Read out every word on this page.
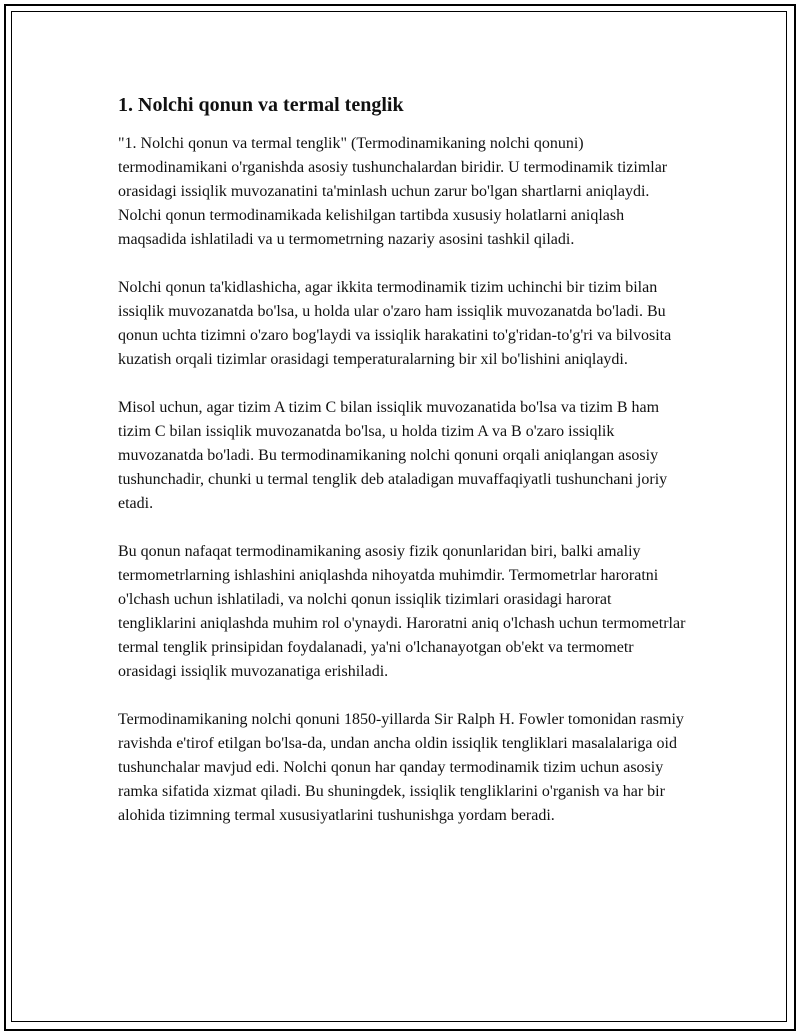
1. Nolchi qonun va termal tenglik

"1. Nolchi qonun va termal tenglik" (Termodinamikaning nolchi qonuni) termodinamikani o'rganishda asosiy tushunchalardan biridir. U termodinamik tizimlar orasidagi issiqlik muvozanatini ta'minlash uchun zarur bo'lgan shartlarni aniqlaydi. Nolchi qonun termodinamikada kelishilgan tartibda xususiy holatlarni aniqlash maqsadida ishlatiladi va u termometrning nazariy asosini tashkil qiladi.

Nolchi qonun ta'kidlashicha, agar ikkita termodinamik tizim uchinchi bir tizim bilan issiqlik muvozanatda bo'lsa, u holda ular o'zaro ham issiqlik muvozanatda bo'ladi. Bu qonun uchta tizimni o'zaro bog'laydi va issiqlik harakatini to'g'ridan-to'g'ri va bilvosita kuzatish orqali tizimlar orasidagi temperaturalarning bir xil bo'lishini aniqlaydi.

Misol uchun, agar tizim A tizim C bilan issiqlik muvozanatida bo'lsa va tizim B ham tizim C bilan issiqlik muvozanatda bo'lsa, u holda tizim A va B o'zaro issiqlik muvozanatda bo'ladi. Bu termodinamikaning nolchi qonuni orqali aniqlangan asosiy tushunchadir, chunki u termal tenglik deb ataladigan muvaffaqiyatli tushunchani joriy etadi.

Bu qonun nafaqat termodinamikaning asosiy fizik qonunlaridan biri, balki amaliy termometrlarning ishlashini aniqlashda nihoyatda muhimdir. Termometrlar haroratni o'lchash uchun ishlatiladi, va nolchi qonun issiqlik tizimlari orasidagi harorat tengliklarini aniqlashda muhim rol o'ynaydi. Haroratni aniq o'lchash uchun termometrlar termal tenglik prinsipidan foydalanadi, ya'ni o'lchanayotgan ob'ekt va termometr orasidagi issiqlik muvozanatiga erishiladi.

Termodinamikaning nolchi qonuni 1850-yillarda Sir Ralph H. Fowler tomonidan rasmiy ravishda e'tirof etilgan bo'lsa-da, undan ancha oldin issiqlik tengliklari masalalariga oid tushunchalar mavjud edi. Nolchi qonun har qanday termodinamik tizim uchun asosiy ramka sifatida xizmat qiladi. Bu shuningdek, issiqlik tengliklarini o'rganish va har bir alohida tizimning termal xususiyatlarini tushunishga yordam beradi.
